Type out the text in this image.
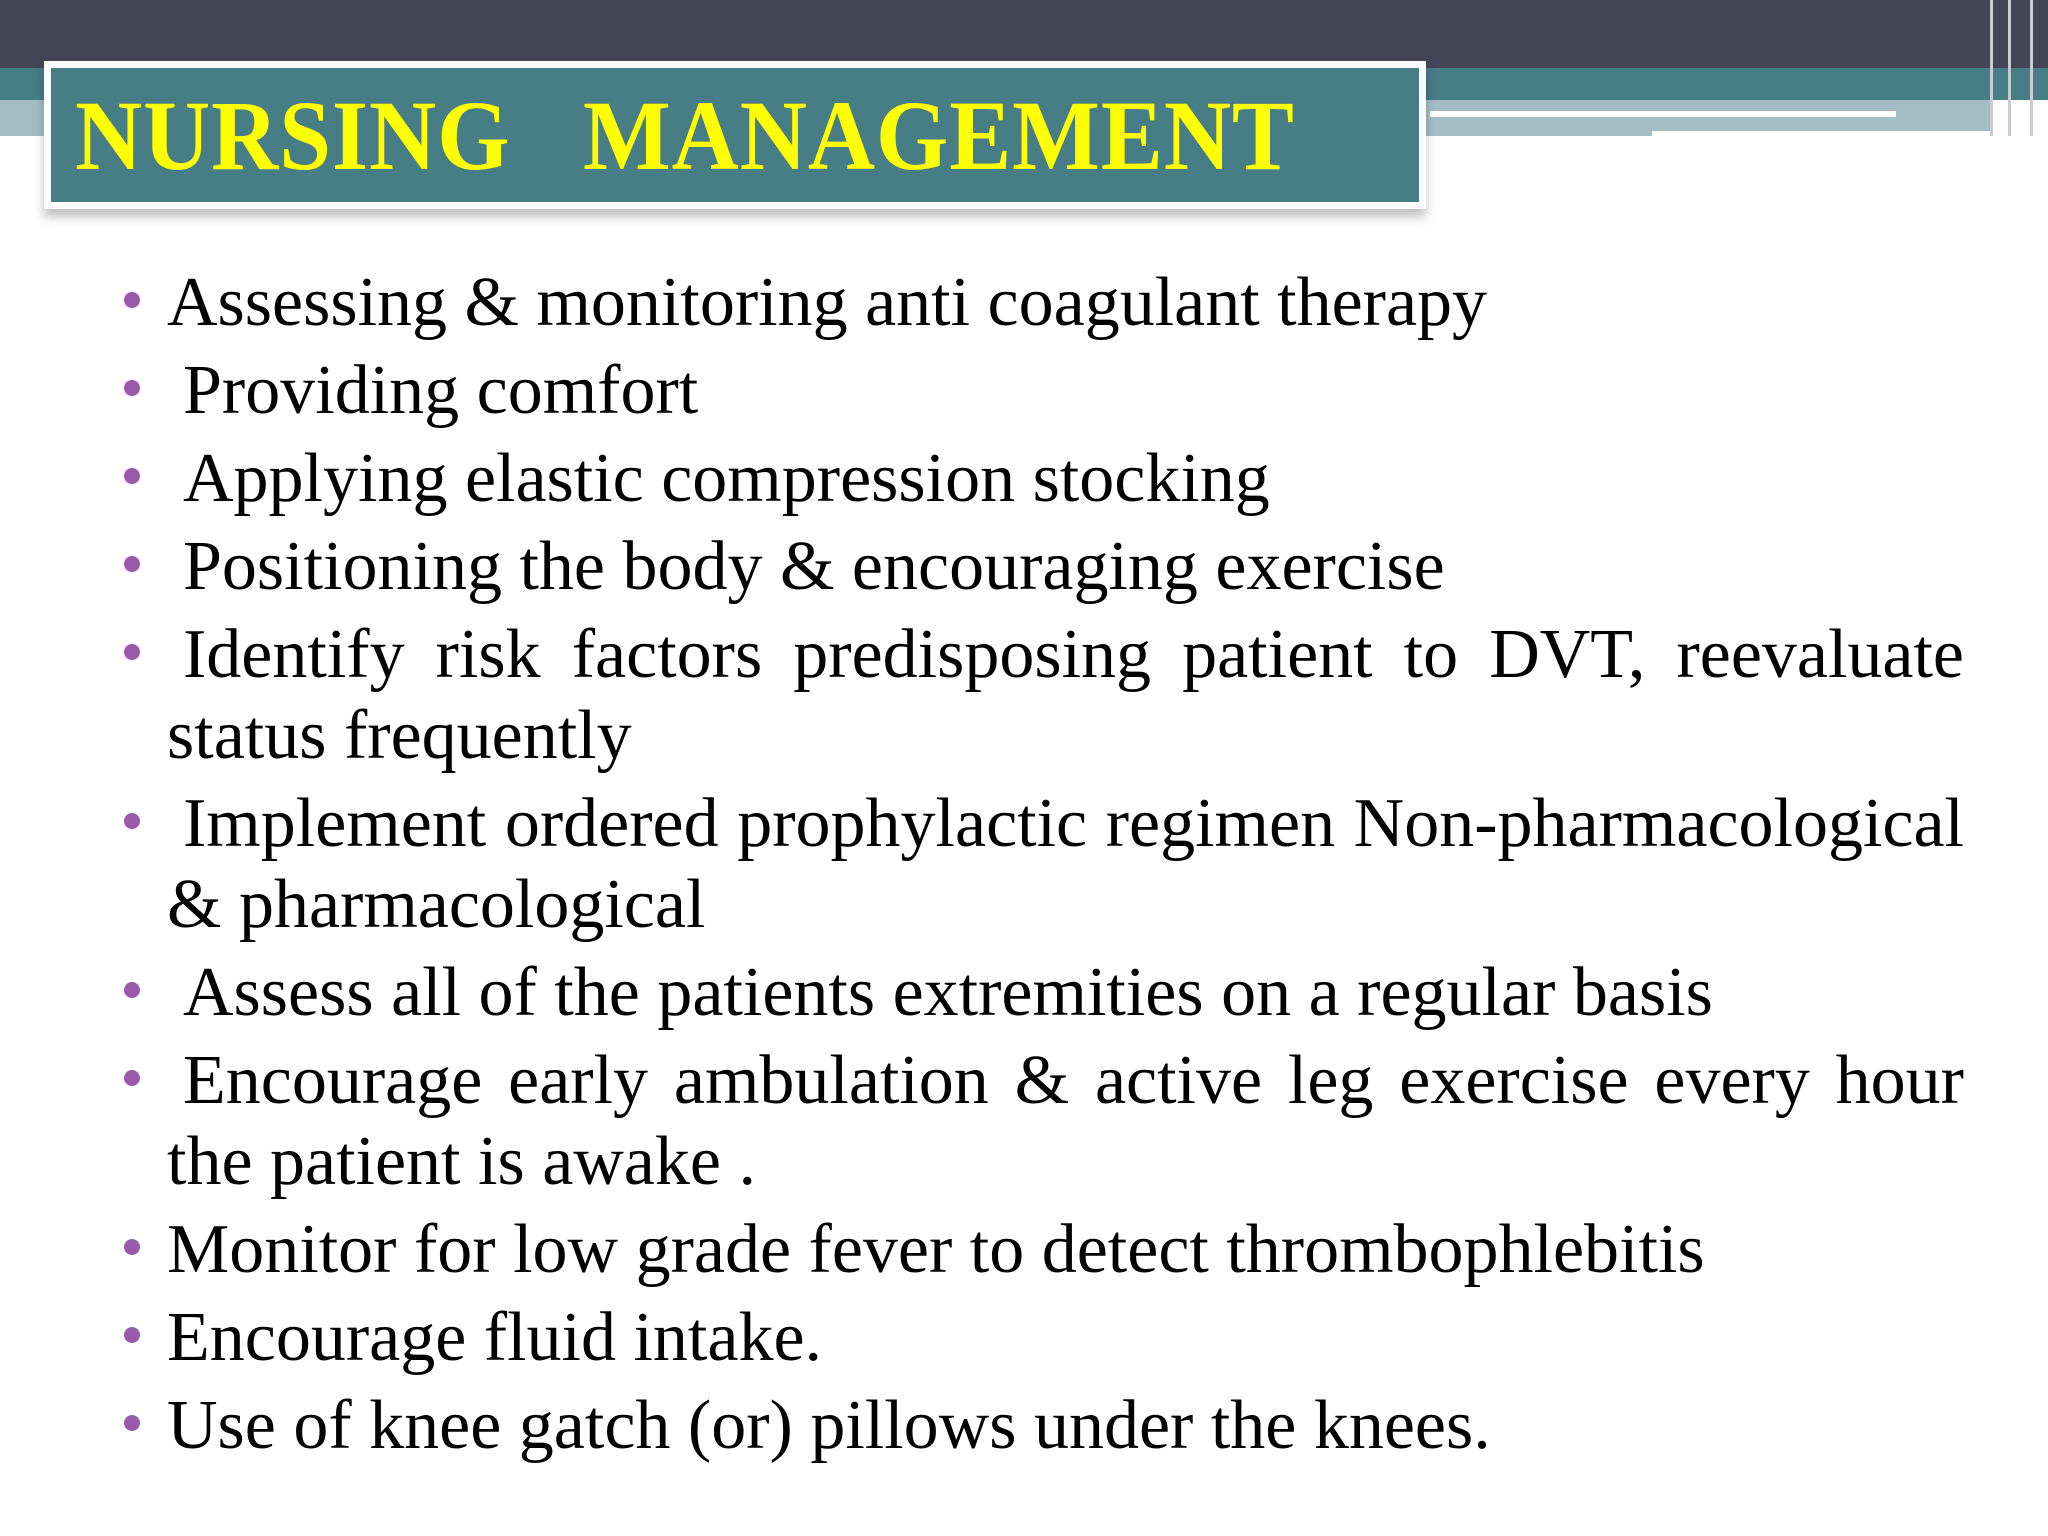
NURSING   MANAGEMENT
Assessing & monitoring anti coagulant therapy
Providing comfort
Applying elastic compression stocking
Positioning the body & encouraging exercise
Identify risk factors predisposing patient to DVT, reevaluate status frequently
Implement ordered prophylactic regimen Non-pharmacological & pharmacological
Assess all of the patients extremities on a regular basis
Encourage early ambulation & active leg exercise every hour the patient is awake .
Monitor for low grade fever to detect thrombophlebitis
Encourage fluid intake.
Use of knee gatch (or) pillows under the knees.
